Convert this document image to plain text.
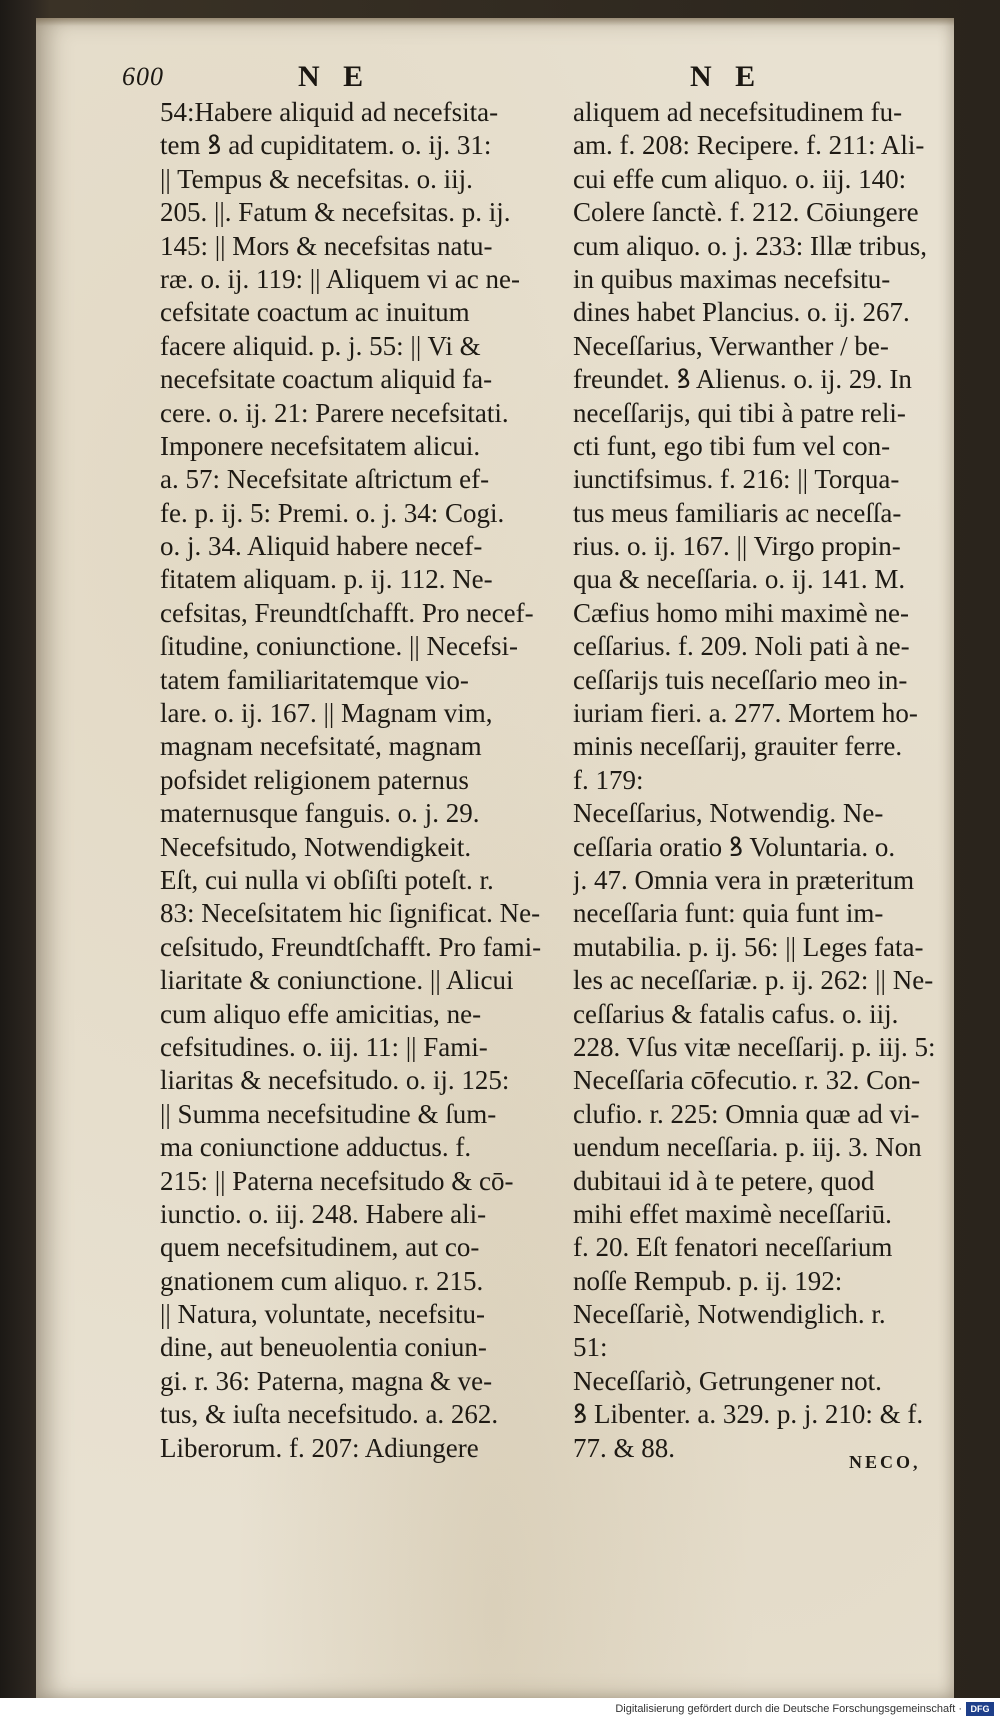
600	N E	N E
54:Habere aliquid ad necefsita-
tem ꝸ ad cupiditatem. o. ij. 31:
|| Tempus & necefsitas. o. iij.
205. ||. Fatum & necefsitas. p. ij.
145: || Mors & necefsitas natu-
ræ. o. ij. 119: || Aliquem vi ac ne-
cefsitate coactum ac inuitum
facere aliquid. p. j. 55: || Vi &
necefsitate coactum aliquid fa-
cere. o. ij. 21: Parere necefsitati.
Imponere necefsitatem alicui.
a. 57: Necefsitate aſtrictum ef-
fe. p. ij. 5: Premi. o. j. 34: Cogi.
o. j. 34. Aliquid habere necef-
fitatem aliquam. p. ij. 112. Ne-
cefsitas, Freundtſchafft. Pro necef-
ſitudine, coniunctione. || Necefsi-
tatem familiaritatemque vio-
lare. o. ij. 167. || Magnam vim,
magnam necefsitaté, magnam
pofsidet religionem paternus
maternusque fanguis. o. j. 29.
Necefsitudo, Notwendigkeit.
Eſt, cui nulla vi obſiſti poteſt. r.
83: Neceſsitatem hic ſignificat. Ne-
ceſsitudo, Freundtſchafft. Pro fami-
liaritate & coniunctione. || Alicui
cum aliquo effe amicitias, ne-
cefsitudines. o. iij. 11: || Fami-
liaritas & necefsitudo. o. ij. 125:
|| Summa necefsitudine & ſum-
ma coniunctione adductus. f.
215: || Paterna necefsitudo & cō-
iunctio. o. iij. 248. Habere ali-
quem necefsitudinem, aut co-
gnationem cum aliquo. r. 215.
|| Natura, voluntate, necefsitu-
dine, aut beneuolentia coniun-
gi. r. 36: Paterna, magna & ve-
tus, & iuſta necefsitudo. a. 262.
Liberorum. f. 207: Adiungere
aliquem ad necefsitudinem fu-
am. f. 208: Recipere. f. 211: Ali-
cui effe cum aliquo. o. iij. 140:
Colere ſanctè. f. 212. Cōiungere
cum aliquo. o. j. 233: Illæ tribus,
in quibus maximas necefsitu-
dines habet Plancius. o. ij. 267.
Neceſſarius, Verwanther / be-
freundet. ꝸ Alienus. o. ij. 29. In
neceſſarijs, qui tibi à patre reli-
cti funt, ego tibi fum vel con-
iunctifsimus. f. 216: || Torqua-
tus meus familiaris ac neceſſa-
rius. o. ij. 167. || Virgo propin-
qua & neceſſaria. o. ij. 141. M.
Cæfius homo mihi maximè ne-
ceſſarius. f. 209. Noli pati à ne-
ceſſarijs tuis neceſſario meo in-
iuriam fieri. a. 277. Mortem ho-
minis neceſſarij, grauiter ferre.
f. 179:
Neceſſarius, Notwendig. Ne-
ceſſaria oratio ꝸ Voluntaria. o.
j. 47. Omnia vera in præteritum
neceſſaria funt: quia funt im-
mutabilia. p. ij. 56: || Leges fata-
les ac neceſſariæ. p. ij. 262: || Ne-
ceſſarius & fatalis cafus. o. iij.
228. Vſus vitæ neceſſarij. p. iij. 5:
Neceſſaria cōfecutio. r. 32. Con-
clufio. r. 225: Omnia quæ ad vi-
uendum neceſſaria. p. iij. 3. Non
dubitaui id à te petere, quod
mihi effet maximè neceſſariū.
f. 20. Eſt fenatori neceſſarium
noſſe Rempub. p. ij. 192:
Neceſſariè, Notwendiglich. r.
51:
Neceſſariò, Getrungener not.
ꝸ Libenter. a. 329. p. j. 210: & f.
77. & 88.	NECO,
Digitalisierung gefördert durch die Deutsche Forschungsgemeinschaft · DFG
